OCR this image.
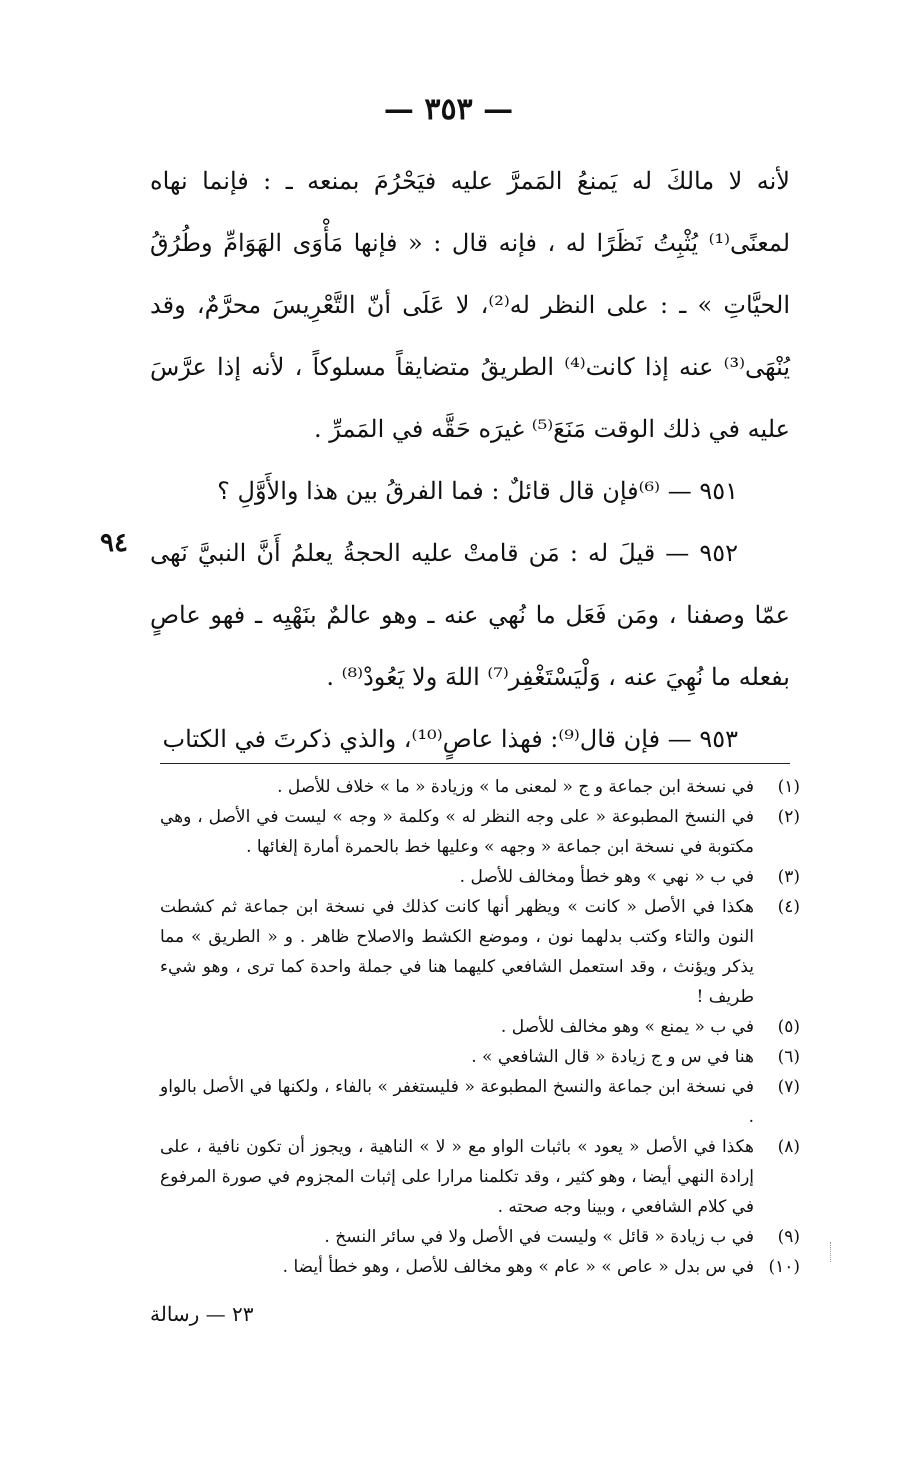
— ٣٥٣ —
٩٤

لأنه لا مالكَ له يَمنعُ المَمرَّ عليه فيَحْرُمَ بمنعه ـ : فإنما نهاه لمعنًى⁽¹⁾ يُثْبِتُ نَظَرًا له ، فإنه قال : « فإنها مَأْوَى الهَوَامِّ وطُرُقُ الحيَّاتِ » ـ : على النظر له⁽²⁾، لا عَلَى أنّ التَّعْرِيسَ محرَّمٌ، وقد يُنْهَى⁽³⁾ عنه إذا كانت⁽⁴⁾ الطريقُ متضايقاً مسلوكاً ، لأنه إذا عرَّسَ عليه في ذلك الوقت مَنَعَ⁽⁵⁾ غيرَه حَقَّه في المَمرِّ .

٩٥١ — ⁽⁶⁾فإن قال قائلٌ : فما الفرقُ بين هذا والأَوَّلِ ؟

٩٥٢ — قيلَ له : مَن قامتْ عليه الحجةُ يعلمُ أَنَّ النبيَّ نَهى عمّا وصفنا ، ومَن فَعَل ما نُهي عنه ـ وهو عالمٌ بنَهْيِه ـ فهو عاصٍ بفعله ما نُهِيَ عنه ، وَلْيَسْتَغْفِر⁽⁷⁾ اللهَ ولا يَعُودْ⁽⁸⁾ .

٩٥٣ — فإن قال⁽⁹⁾: فهذا عاصٍ⁽¹⁰⁾، والذي ذكرتَ في الكتاب

(١)
في نسخة ابن جماعة و ج « لمعنى ما » وزيادة « ما » خلاف للأصل .
(٢)
في النسخ المطبوعة « على وجه النظر له » وكلمة « وجه » ليست في الأصل ، وهي مكتوبة في نسخة ابن جماعة « وجهه » وعليها خط بالحمرة أمارة إلغائها .
(٣)
في ب « نهي » وهو خطأ ومخالف للأصل .
(٤)
هكذا في الأصل « كانت » ويظهر أنها كانت كذلك في نسخة ابن جماعة ثم كشطت النون والتاء وكتب بدلهما نون ، وموضع الكشط والاصلاح ظاهر . و « الطريق » مما يذكر ويؤنث ، وقد استعمل الشافعي كليهما هنا في جملة واحدة كما ترى ، وهو شيء طريف !
(٥)
في ب « يمنع » وهو مخالف للأصل .
(٦)
هنا في س و ج زيادة « قال الشافعي » .
(٧)
في نسخة ابن جماعة والنسخ المطبوعة « فليستغفر » بالفاء ، ولكنها في الأصل بالواو .
(٨)
هكذا في الأصل « يعود » باثبات الواو مع « لا » الناهية ، ويجوز أن تكون نافية ، على إرادة النهي أيضا ، وهو كثير ، وقد تكلمنا مرارا على إثبات المجزوم في صورة المرفوع في كلام الشافعي ، وبينا وجه صحته .
(٩)
في ب زيادة « قائل » وليست في الأصل ولا في سائر النسخ .
(١٠)
في س بدل « عاص » « عام » وهو مخالف للأصل ، وهو خطأ أيضا .
٢٣ — رسالة
